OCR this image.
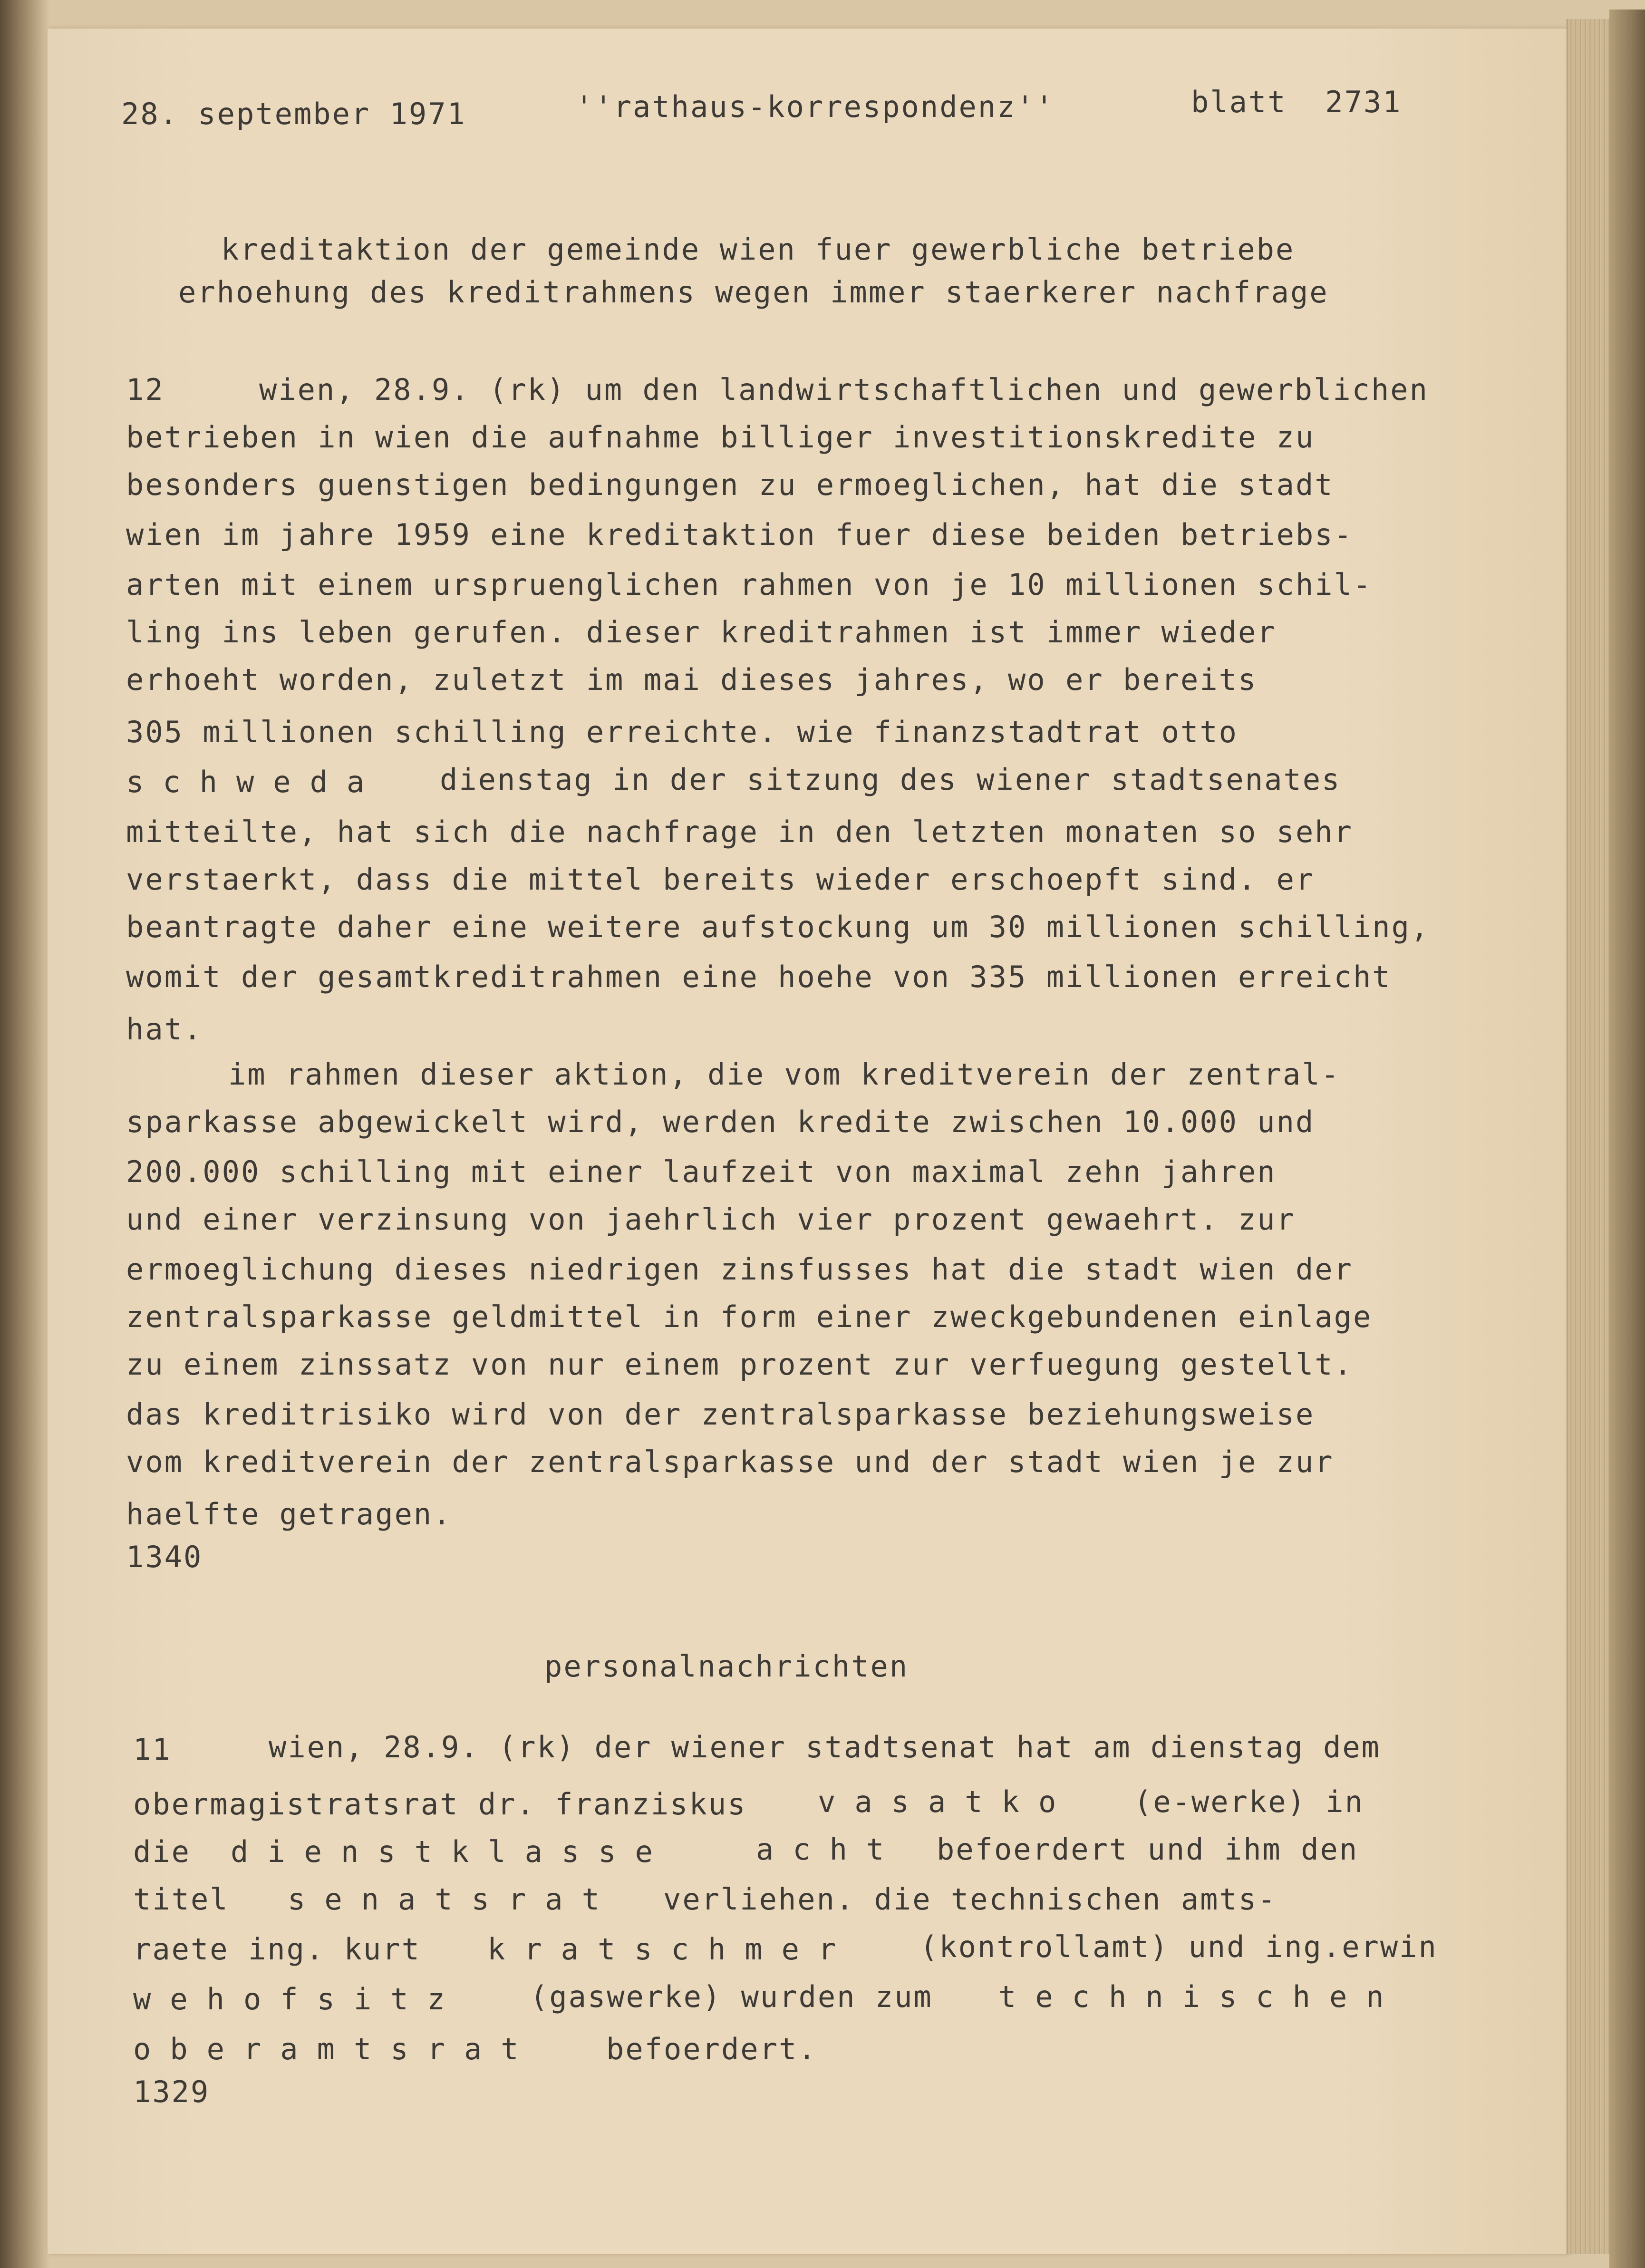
28. september 1971	''rathaus-korrespondenz''	blatt  2731

kreditaktion der gemeinde wien fuer gewerbliche betriebe

erhoehung des kreditrahmens wegen immer staerkerer nachfrage

12	wien, 28.9. (rk) um den landwirtschaftlichen und gewerblichen

betrieben in wien die aufnahme billiger investitionskredite zu

besonders guenstigen bedingungen zu ermoeglichen, hat die stadt

wien im jahre 1959 eine kreditaktion fuer diese beiden betriebs-

arten mit einem urspruenglichen rahmen von je 10 millionen schil-

ling ins leben gerufen. dieser kreditrahmen ist immer wieder

erhoeht worden, zuletzt im mai dieses jahres, wo er bereits

305 millionen schilling erreichte. wie finanzstadtrat otto

schweda dienstag in der sitzung des wiener stadtsenates

mitteilte, hat sich die nachfrage in den letzten monaten so sehr

verstaerkt, dass die mittel bereits wieder erschoepft sind. er

beantragte daher eine weitere aufstockung um 30 millionen schilling,

womit der gesamtkreditrahmen eine hoehe von 335 millionen erreicht

hat.

im rahmen dieser aktion, die vom kreditverein der zentral-

sparkasse abgewickelt wird, werden kredite zwischen 10.000 und

200.000 schilling mit einer laufzeit von maximal zehn jahren

und einer verzinsung von jaehrlich vier prozent gewaehrt. zur

ermoeglichung dieses niedrigen zinsfusses hat die stadt wien der

zentralsparkasse geldmittel in form einer zweckgebundenen einlage

zu einem zinssatz von nur einem prozent zur verfuegung gestellt.

das kreditrisiko wird von der zentralsparkasse beziehungsweise

vom kreditverein der zentralsparkasse und der stadt wien je zur

haelfte getragen.

1340

personalnachrichten

11	wien, 28.9. (rk) der wiener stadtsenat hat am dienstag dem

obermagistratsrat dr. franziskus vasatko (e-werke) in

die dienstklasse	acht befoerdert und ihm den

titel senatsrat verliehen. die technischen amts-

raete ing. kurt kratschmer (kontrollamt) und ing.erwin

wehofsitz (gaswerke) wurden zum technischen

oberamtsrat befoerdert.

1329
